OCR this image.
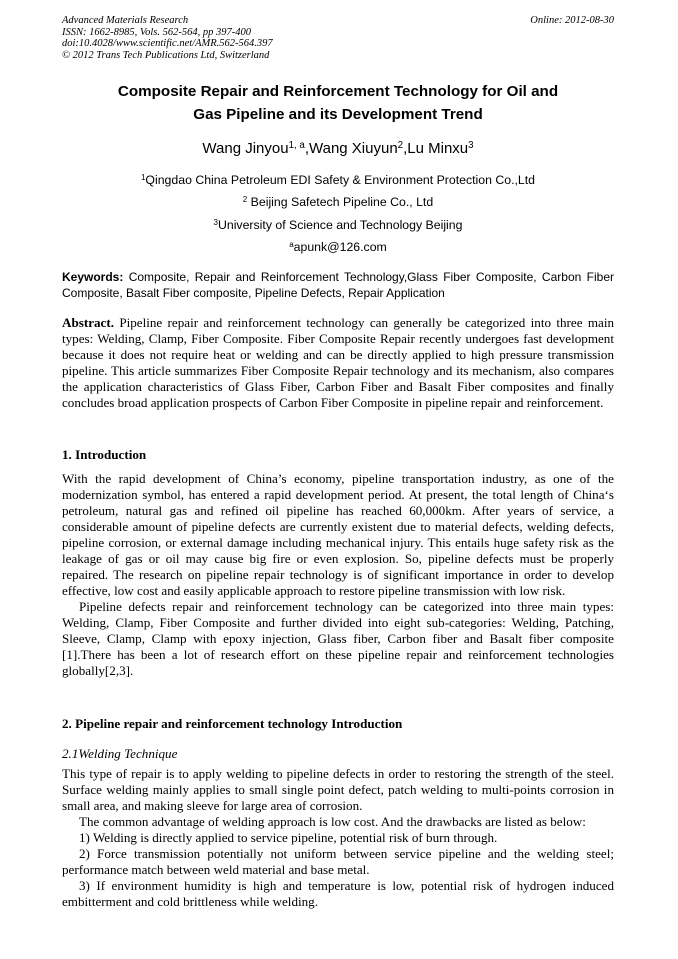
Advanced Materials Research	Online: 2012-08-30
ISSN: 1662-8985, Vols. 562-564, pp 397-400
doi:10.4028/www.scientific.net/AMR.562-564.397
© 2012 Trans Tech Publications Ltd, Switzerland
Composite Repair and Reinforcement Technology for Oil and
Gas Pipeline and its Development Trend
Wang Jinyou$^{1, a}$,Wang Xiuyun$^2$,Lu Minxu$^3$
$^1$Qingdao China Petroleum EDI Safety & Environment Protection Co.,Ltd
$^2$ Beijing Safetech Pipeline Co., Ltd
$^3$University of Science and Technology Beijing
$^a$apunk@126.com
Keywords: Composite, Repair and Reinforcement Technology,Glass Fiber Composite, Carbon Fiber Composite, Basalt Fiber composite, Pipeline Defects, Repair Application
Abstract. Pipeline repair and reinforcement technology can generally be categorized into three main types: Welding, Clamp, Fiber Composite. Fiber Composite Repair recently undergoes fast development because it does not require heat or welding and can be directly applied to high pressure transmission pipeline. This article summarizes Fiber Composite Repair technology and its mechanism, also compares the application characteristics of Glass Fiber, Carbon Fiber and Basalt Fiber composites and finally concludes broad application prospects of Carbon Fiber Composite in pipeline repair and reinforcement.
1. Introduction

With the rapid development of China’s economy, pipeline transportation industry, as one of the modernization symbol, has entered a rapid development period. At present, the total length of China‘s petroleum, natural gas and refined oil pipeline has reached 60,000km. After years of service, a considerable amount of pipeline defects are currently existent due to material defects, welding defects, pipeline corrosion, or external damage including mechanical injury. This entails huge safety risk as the leakage of gas or oil may cause big fire or even explosion. So, pipeline defects must be properly repaired. The research on pipeline repair technology is of significant importance in order to develop effective, low cost and easily applicable approach to restore pipeline transmission with low risk.

Pipeline defects repair and reinforcement technology can be categorized into three main types: Welding, Clamp, Fiber Composite and further divided into eight sub-categories: Welding, Patching, Sleeve, Clamp, Clamp with epoxy injection, Glass fiber, Carbon fiber and Basalt fiber composite [1].There has been a lot of research effort on these pipeline repair and reinforcement technologies globally[2,3].

2. Pipeline repair and reinforcement technology Introduction
2.1Welding Technique

This type of repair is to apply welding to pipeline defects in order to restoring the strength of the steel. Surface welding mainly applies to small single point defect, patch welding to multi-points corrosion in small area, and making sleeve for large area of corrosion.

The common advantage of welding approach is low cost. And the drawbacks are listed as below:

1) Welding is directly applied to service pipeline, potential risk of burn through.

2) Force transmission potentially not uniform between service pipeline and the welding steel; performance match between weld material and base metal.

3) If environment humidity is high and temperature is low, potential risk of hydrogen induced embitterment and cold brittleness while welding.
